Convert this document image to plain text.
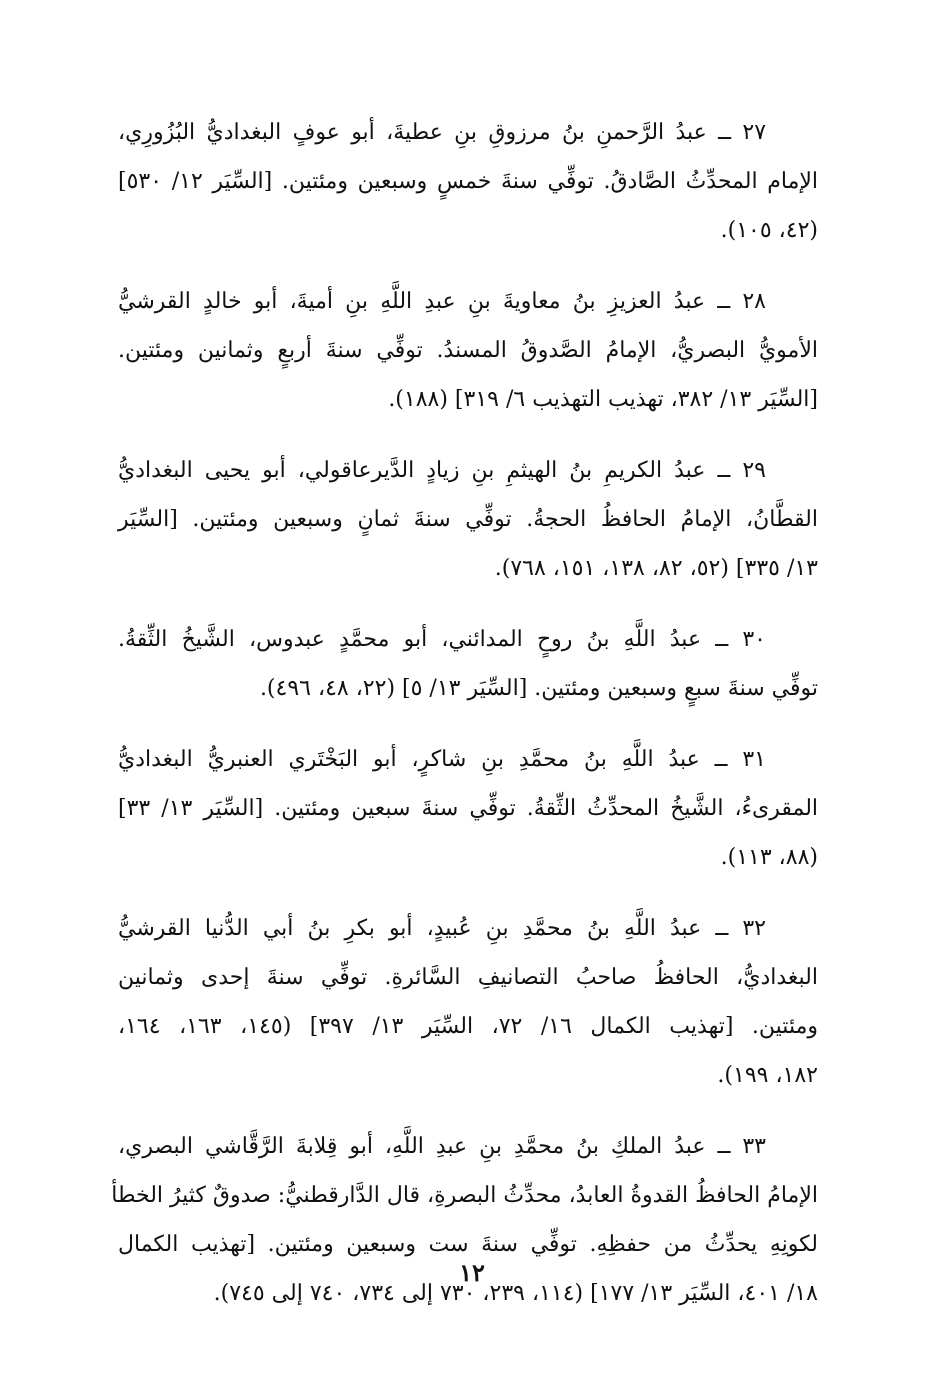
٢٧ ــ عبدُ الرَّحمنِ بنُ مرزوقِ بنِ عطيةَ، أبو عوفٍ البغداديُّ البُزُورِي،
الإمام المحدِّثُ الصَّادقُ. توفِّي سنةَ خمسٍ وسبعين ومئتين. [السِّيَر ١٢/ ٥٣٠]
(٤٢، ١٠٥).
٢٨ ــ عبدُ العزيزِ بنُ معاويةَ بنِ عبدِ اللَّهِ بنِ أميةَ، أبو خالدٍ القرشيُّ
الأمويُّ البصريُّ، الإمامُ الصَّدوقُ المسندُ. توفِّي سنةَ أربعٍ وثمانين ومئتين.
[السِّيَر ١٣/ ٣٨٢، تهذيب التهذيب ٦/ ٣١٩] (١٨٨).
٢٩ ــ عبدُ الكريمِ بنُ الهيثمِ بنِ زيادٍ الدَّيرعاقولي، أبو يحيى البغداديُّ
القطَّانُ، الإمامُ الحافظُ الحجةُ. توفِّي سنةَ ثمانٍ وسبعين ومئتين. [السِّيَر
١٣/ ٣٣٥] (٥٢، ٨٢، ١٣٨، ١٥١، ٧٦٨).
٣٠ ــ عبدُ اللَّهِ بنُ روحٍ المدائني، أبو محمَّدٍ عبدوس، الشَّيخُ الثِّقةُ.
توفِّي سنةَ سبعٍ وسبعين ومئتين. [السِّيَر ١٣/ ٥] (٢٢، ٤٨، ٤٩٦).
٣١ ــ عبدُ اللَّهِ بنُ محمَّدِ بنِ شاكرٍ، أبو البَخْتَري العنبريُّ البغداديُّ
المقرىءُ، الشَّيخُ المحدِّثُ الثِّقةُ. توفِّي سنةَ سبعين ومئتين. [السِّيَر ١٣/ ٣٣]
(٨٨، ١١٣).
٣٢ ــ عبدُ اللَّهِ بنُ محمَّدِ بنِ عُبيدٍ، أبو بكرِ بنُ أبي الدُّنيا القرشيُّ
البغداديُّ، الحافظُ صاحبُ التصانيفِ السَّائرةِ. توفِّي سنةَ إحدى وثمانين
ومئتين. [تهذيب الكمال ١٦/ ٧٢، السِّيَر ١٣/ ٣٩٧] (١٤٥، ١٦٣، ١٦٤،
١٨٢، ١٩٩).
٣٣ ــ عبدُ الملكِ بنُ محمَّدِ بنِ عبدِ اللَّهِ، أبو قِلابةَ الرَّقَّاشي البصري،
الإمامُ الحافظُ القدوةُ العابدُ، محدِّثُ البصرةِ، قال الدَّارقطنيُّ: صدوقٌ كثيرُ الخطأ
لكونِهِ يحدِّثُ من حفظِهِ. توفِّي سنةَ ست وسبعين ومئتين. [تهذيب الكمال
١٨/ ٤٠١، السِّيَر ١٣/ ١٧٧] (١١٤، ٢٣٩، ٧٣٠ إلى ٧٣٤، ٧٤٠ إلى ٧٤٥).
١٢
